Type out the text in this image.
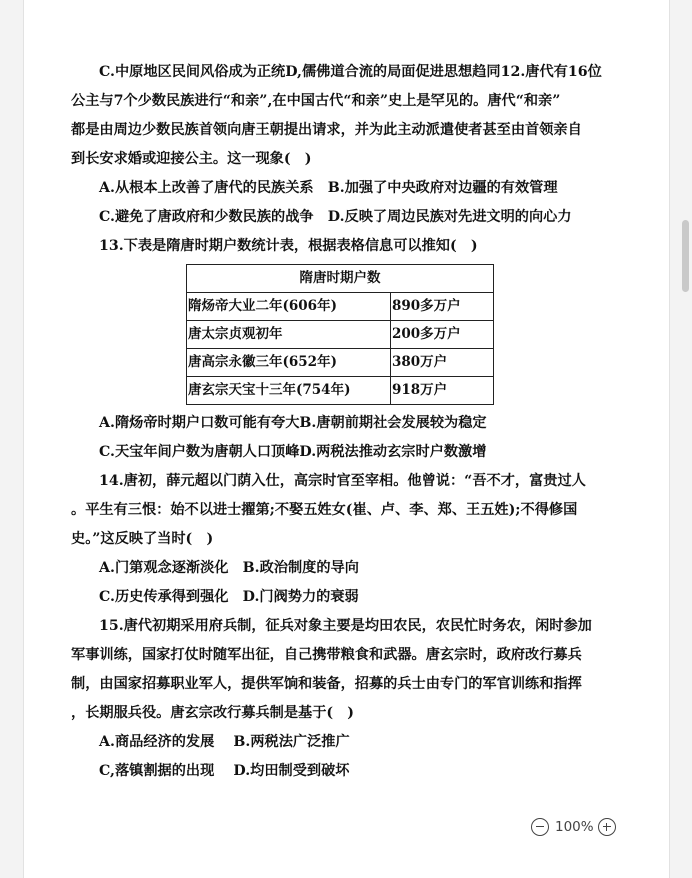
C.中原地区民间风俗成为正统D,儒佛道合流的局面促进思想趋同12.唐代有16位

公主与7个少数民族进行“和亲”,在中国古代“和亲”史上是罕见的。唐代“和亲”

都是由周边少数民族首领向唐王朝提出请求，并为此主动派遣使者甚至由首领亲自

到长安求婚或迎接公主。这一现象(　)

A.从根本上改善了唐代的民族关系　B.加强了中央政府对边疆的有效管理

C.避免了唐政府和少数民族的战争　D.反映了周边民族对先进文明的向心力

13.下表是隋唐时期户数统计表，根据表格信息可以推知(　)

隋唐时期户数	
隋炀帝大业二年(606年)	890多万户
唐太宗贞观初年	200多万户
唐高宗永徽三年(652年)	380万户
唐玄宗天宝十三年(754年)	918万户

A.隋炀帝时期户口数可能有夸大B.唐朝前期社会发展较为稳定

C.天宝年间户数为唐朝人口顶峰D.两税法推动玄宗时户数激增

14.唐初，薛元超以门荫入仕，高宗时官至宰相。他曾说：“吾不才，富贵过人

。平生有三恨：始不以进士擢第;不娶五姓女(崔、卢、李、郑、王五姓);不得修国

史。”这反映了当时(　)

A.门第观念逐渐淡化　B.政治制度的导向

C.历史传承得到强化　D.门阀势力的衰弱

15.唐代初期采用府兵制，征兵对象主要是均田农民，农民忙时务农，闲时参加

军事训练，国家打仗时随军出征，自己携带粮食和武器。唐玄宗时，政府改行募兵

制，由国家招募职业军人，提供军饷和装备，招募的兵士由专门的军官训练和指挥

，长期服兵役。唐玄宗改行募兵制是基于(　)

A.商品经济的发展　 B.两税法广泛推广

C,落镇割据的出现　 D.均田制受到破坏

100%
